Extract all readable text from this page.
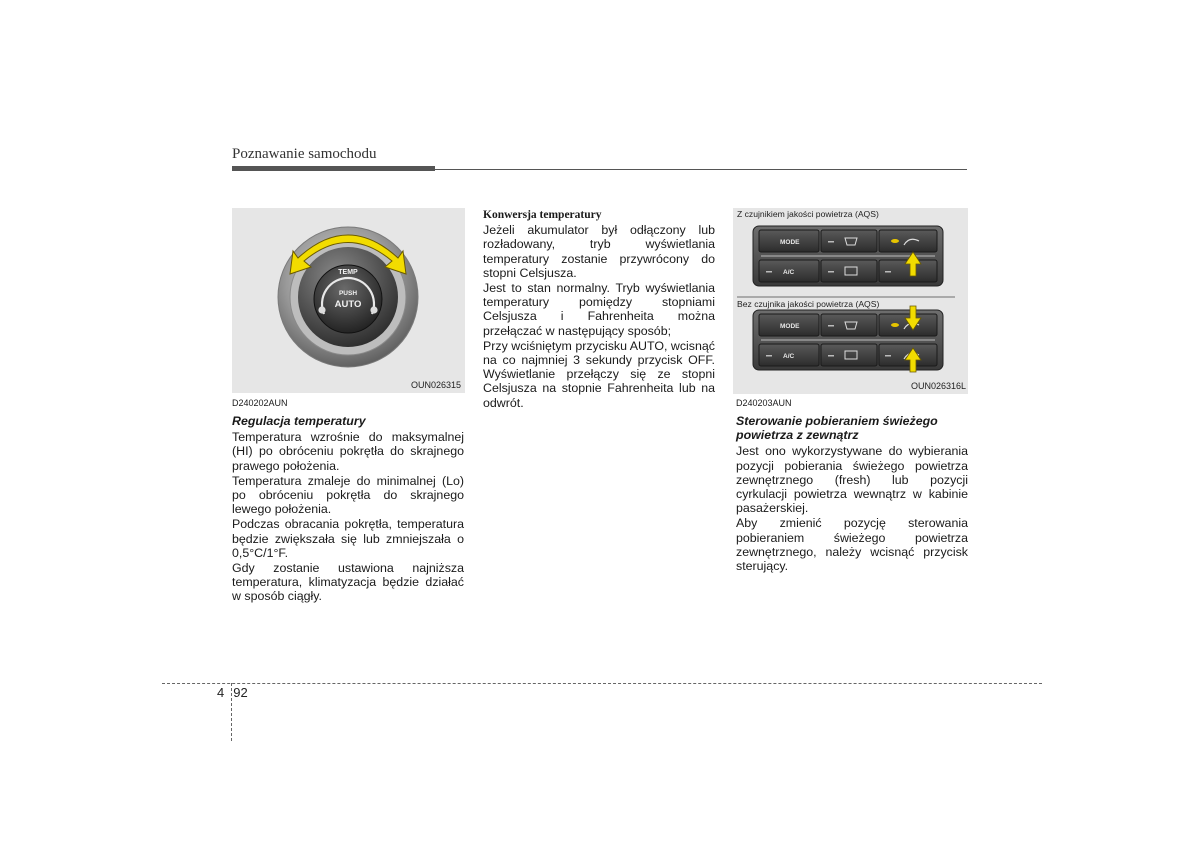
Poznawanie samochodu
TEMP
PUSH
AUTO
OUN026315

D240202AUN

Regulacja temperatury

Temperatura wzrośnie do maksymalnej (HI) po obróceniu pokrętła do skrajnego prawego położenia.

Temperatura zmaleje do minimalnej (Lo) po obróceniu pokrętła do skrajnego lewego położenia.

Podczas obracania pokrętła, temperatura będzie zwiększała się lub zmniejszała o 0,5°C/1°F.

Gdy zostanie ustawiona najniższa temperatura, klimatyzacja będzie działać w sposób ciągły.

Konwersja temperatury

Jeżeli akumulator był odłączony lub rozładowany, tryb wyświetlania temperatury zostanie przywrócony do stopni Celsjusza.

Jest to stan normalny. Tryb wyświetlania temperatury pomiędzy stopniami Celsjusza i Fahrenheita można przełączać w następujący sposób;

Przy wciśniętym przycisku AUTO, wcisnąć na co najmniej 3 sekundy przycisk OFF. Wyświetlanie przełączy się ze stopni Celsjusza na stopnie Fahrenheita lub na odwrót.

Z czujnikiem jakości powietrza (AQS)
MODE
A/C
MODE
A/C
Bez czujnika jakości powietrza (AQS)
OUN026316L

D240203AUN

Sterowanie pobieraniem świeżego powietrza z zewnątrz

Jest ono wykorzystywane do wybierania pozycji pobierania świeżego powietrza zewnętrznego (fresh) lub pozycji cyrkulacji powietrza wewnątrz w kabinie pasażerskiej.

Aby zmienić pozycję sterowania pobieraniem świeżego powietrza zewnętrznego, należy wcisnąć przycisk sterujący.

4 92
